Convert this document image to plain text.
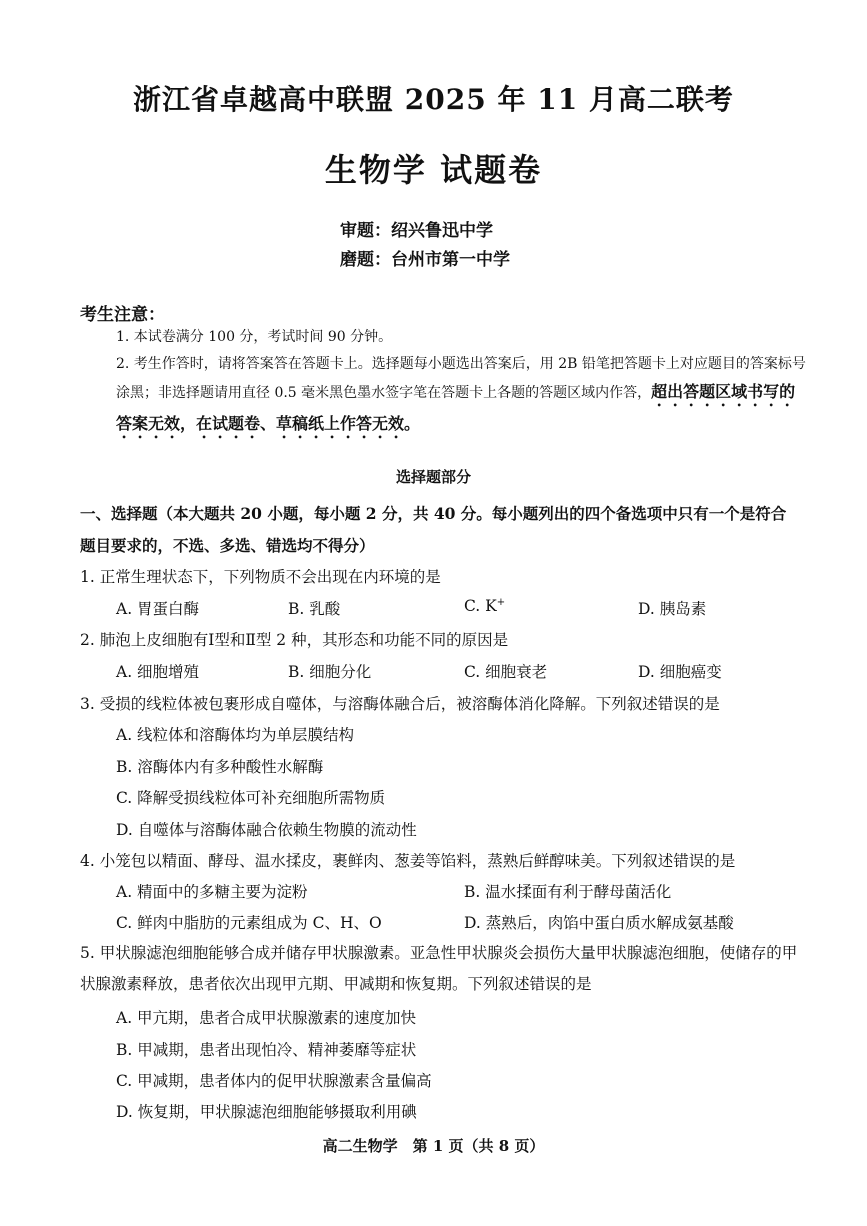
浙江省卓越高中联盟 2025 年 11 月高二联考
生物学 试题卷
审题：绍兴鲁迅中学
磨题：台州市第一中学
考生注意：
1. 本试卷满分 100 分，考试时间 90 分钟。
2. 考生作答时，请将答案答在答题卡上。选择题每小题选出答案后，用 2B 铅笔把答题卡上对应题目的答案标号涂黑；非选择题请用直径 0.5 毫米黑色墨水签字笔在答题卡上各题的答题区域内作答，超出答题区域书写的答案无效，在试题卷、草稿纸上作答无效。
选择题部分
一、选择题（本大题共 20 小题，每小题 2 分，共 40 分。每小题列出的四个备选项中只有一个是符合题目要求的，不选、多选、错选均不得分）
1. 正常生理状态下，下列物质不会出现在内环境的是
A. 胃蛋白酶	B. 乳酸	C. K+	D. 胰岛素
2. 肺泡上皮细胞有Ⅰ型和Ⅱ型 2 种，其形态和功能不同的原因是
A. 细胞增殖	B. 细胞分化	C. 细胞衰老	D. 细胞癌变
3. 受损的线粒体被包裹形成自噬体，与溶酶体融合后，被溶酶体消化降解。下列叙述错误的是
A. 线粒体和溶酶体均为单层膜结构
B. 溶酶体内有多种酸性水解酶
C. 降解受损线粒体可补充细胞所需物质
D. 自噬体与溶酶体融合依赖生物膜的流动性
4. 小笼包以精面、酵母、温水揉皮，裹鲜肉、葱姜等馅料，蒸熟后鲜醇味美。下列叙述错误的是
A. 精面中的多糖主要为淀粉	B. 温水揉面有利于酵母菌活化
C. 鲜肉中脂肪的元素组成为 C、H、O	D. 蒸熟后，肉馅中蛋白质水解成氨基酸
5. 甲状腺滤泡细胞能够合成并储存甲状腺激素。亚急性甲状腺炎会损伤大量甲状腺滤泡细胞，使储存的甲状腺激素释放，患者依次出现甲亢期、甲减期和恢复期。下列叙述错误的是
A. 甲亢期，患者合成甲状腺激素的速度加快
B. 甲减期，患者出现怕冷、精神萎靡等症状
C. 甲减期，患者体内的促甲状腺激素含量偏高
D. 恢复期，甲状腺滤泡细胞能够摄取利用碘
高二生物学　第 1 页（共 8 页）
